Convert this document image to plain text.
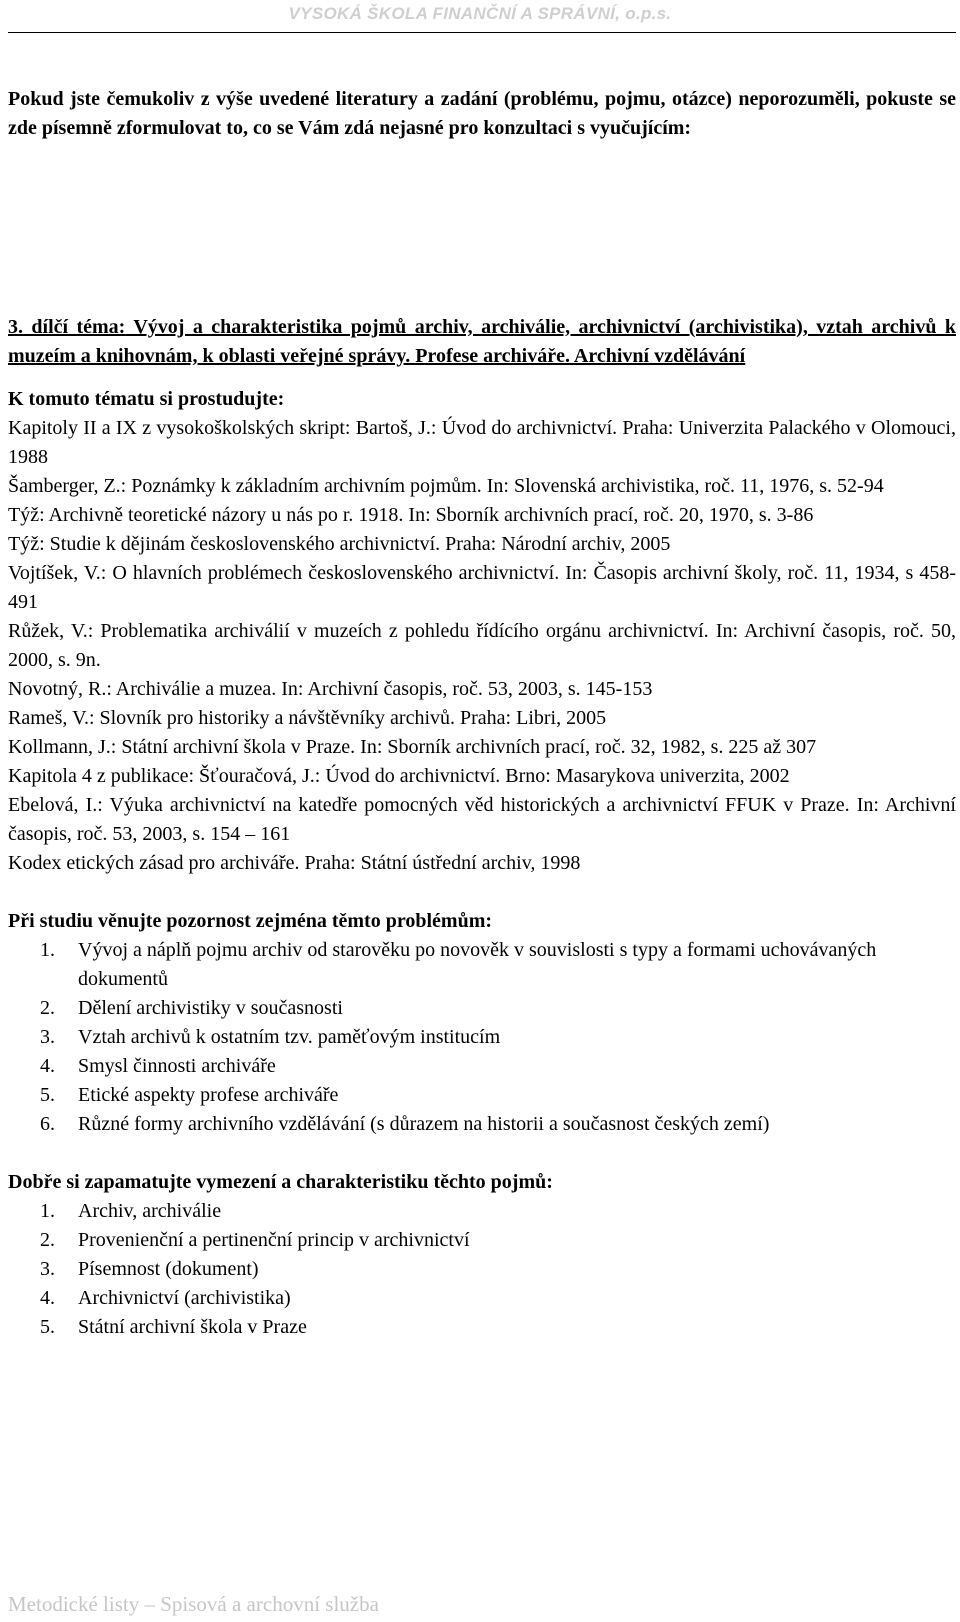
VYSOKÁ ŠKOLA FINANČNÍ A SPRÁVNÍ, o.p.s.

Pokud jste čemukoliv z výše uvedené literatury a zadání (problému, pojmu, otázce) neporozuměli, pokuste se zde písemně zformulovat to, co se Vám zdá nejasné pro konzultaci s vyučujícím:

3. dílčí téma: Vývoj a charakteristika pojmů archiv, archiválie, archivnictví (archivistika), vztah archivů k muzeím a knihovnám, k oblasti veřejné správy. Profese archiváře. Archivní vzdělávání

K tomuto tématu si prostudujte:

Kapitoly II a IX z vysokoškolských skript: Bartoš, J.: Úvod do archivnictví. Praha: Univerzita Palackého v Olomouci, 1988

Šamberger, Z.: Poznámky k základním archivním pojmům. In: Slovenská archivistika, roč. 11, 1976, s. 52-94

Týž: Archivně teoretické názory u nás po r. 1918. In: Sborník archivních prací, roč. 20, 1970, s. 3-86

Týž: Studie k dějinám československého archivnictví. Praha: Národní archiv, 2005

Vojtíšek, V.: O hlavních problémech československého archivnictví. In: Časopis archivní školy, roč. 11, 1934, s 458-491

Růžek, V.: Problematika archiválií v muzeích z pohledu řídícího orgánu archivnictví. In: Archivní časopis, roč. 50, 2000, s. 9n.

Novotný, R.: Archiválie a muzea. In: Archivní časopis, roč. 53, 2003, s. 145-153

Rameš, V.: Slovník pro historiky a návštěvníky archivů. Praha: Libri, 2005

Kollmann, J.: Státní archivní škola v Praze. In: Sborník archivních prací, roč. 32, 1982, s. 225 až 307

Kapitola 4 z publikace: Šťouračová, J.: Úvod do archivnictví. Brno: Masarykova univerzita, 2002

Ebelová, I.: Výuka archivnictví na katedře pomocných věd historických a archivnictví FFUK v Praze. In: Archivní časopis, roč. 53, 2003, s. 154 – 161

Kodex etických zásad pro archiváře. Praha: Státní ústřední archiv, 1998

Při studiu věnujte pozornost zejména těmto problémům:

1. Vývoj a náplň pojmu archiv od starověku po novověk v souvislosti s typy a formami uchovávaných dokumentů
2. Dělení archivistiky v současnosti
3. Vztah archivů k ostatním tzv. paměťovým institucím
4. Smysl činnosti archiváře
5. Etické aspekty profese archiváře
6. Různé formy archivního vzdělávání (s důrazem na historii a současnost českých zemí)

Dobře si zapamatujte vymezení a charakteristiku těchto pojmů:

1. Archiv, archiválie
2. Provenienční a pertinenční princip v archivnictví
3. Písemnost (dokument)
4. Archivnictví (archivistika)
5. Státní archivní škola v Praze
Metodické listy – Spisová a archovní služba
